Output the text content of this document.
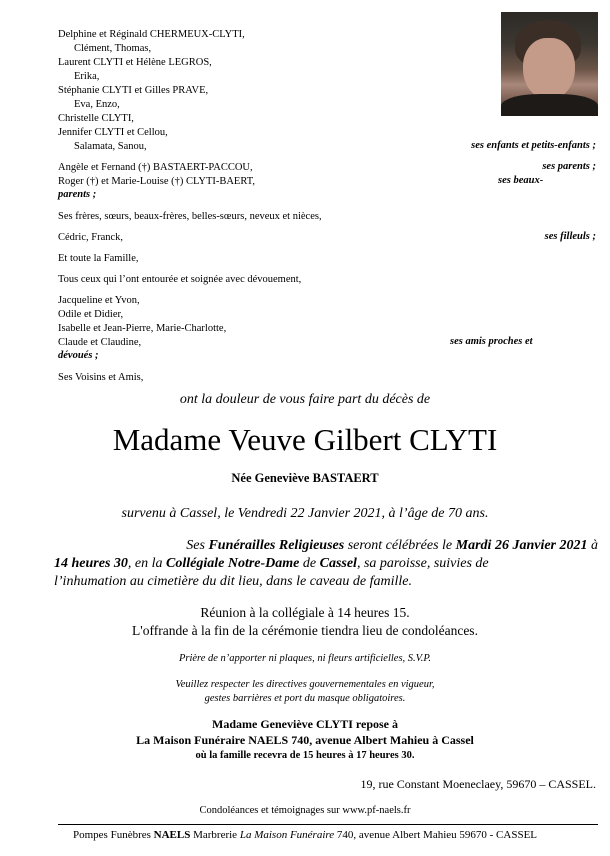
Delphine et Réginald CHERMEUX-CLYTI,
Clément, Thomas,
Laurent CLYTI et Hélène LEGROS,
Erika,
Stéphanie CLYTI et Gilles PRAVE,
Eva, Enzo,
Christelle CLYTI,
Jennifer CLYTI et Cellou,
Salamata, Sanou,	ses enfants et petits-enfants ;
Angèle et Fernand (†) BASTAERT-PACCOU,	ses parents ;
Roger (†) et Marie-Louise (†) CLYTI-BAERT,	ses beaux-
parents ;
Ses frères, sœurs, beaux-frères, belles-sœurs, neveux et nièces,
Cédric, Franck,	ses filleuls ;
Et toute la Famille,
Tous ceux qui l’ont entourée et soignée avec dévouement,
Jacqueline et Yvon,
Odile et Didier,
Isabelle et Jean-Pierre, Marie-Charlotte,
Claude et Claudine,	ses amis proches et
dévoués ;
Ses Voisins et Amis,
ont la douleur de vous faire part du décès de
Madame Veuve Gilbert CLYTI
Née Geneviève BASTAERT
survenu à Cassel, le Vendredi 22 Janvier 2021, à l’âge de 70 ans.
Ses Funérailles Religieuses seront célébrées le Mardi 26 Janvier 2021 à
14 heures 30, en la Collégiale Notre-Dame de Cassel, sa paroisse, suivies de
l’inhumation au cimetière du dit lieu, dans le caveau de famille.
Réunion à la collégiale à 14 heures 15.
L'offrande à la fin de la cérémonie tiendra lieu de condoléances.
Prière de n’apporter ni plaques, ni fleurs artificielles, S.V.P.
Veuillez respecter les directives gouvernementales en vigueur,
gestes barrières et port du masque obligatoires.
Madame Geneviève CLYTI repose à
La Maison Funéraire NAELS 740, avenue Albert Mahieu à Cassel
où la famille recevra de 15 heures à 17 heures 30.
19, rue Constant Moeneclaey, 59670 – CASSEL.
Condoléances et témoignages sur www.pf-naels.fr
Pompes Funèbres NAELS Marbrerie La Maison Funéraire 740, avenue Albert Mahieu 59670 - CASSEL
